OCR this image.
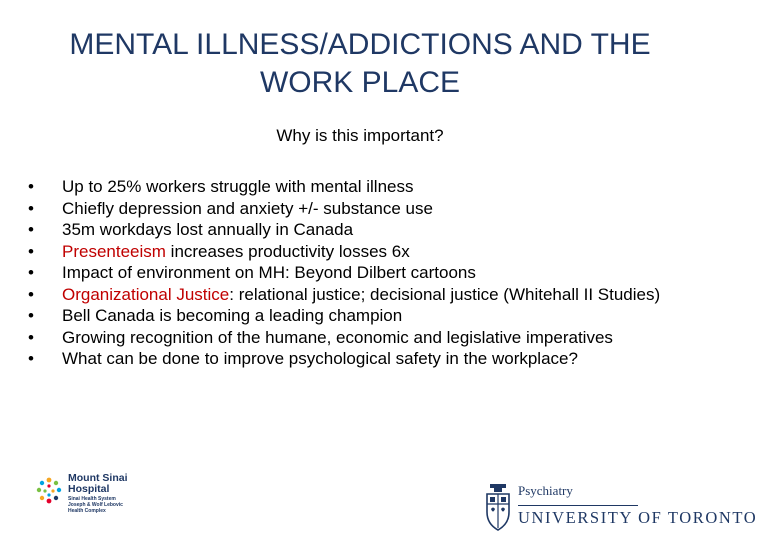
MENTAL ILLNESS/ADDICTIONS AND THE
WORK PLACE

Why is this important?

• Up to 25% workers struggle with mental illness
• Chiefly depression and anxiety +/- substance use
• 35m workdays lost annually in Canada
• Presenteeism increases productivity losses 6x
• Impact of environment on MH: Beyond Dilbert cartoons
• Organizational Justice: relational justice; decisional justice (Whitehall II Studies)
• Bell Canada is becoming a leading champion
• Growing recognition of the humane, economic and legislative imperatives
• What can be done to improve psychological safety in the workplace?
Mount Sinai
Hospital
Sinai Health System
Joseph & Wolf Lebovic
Health Complex
Psychiatry
UNIVERSITY OF TORONTO
